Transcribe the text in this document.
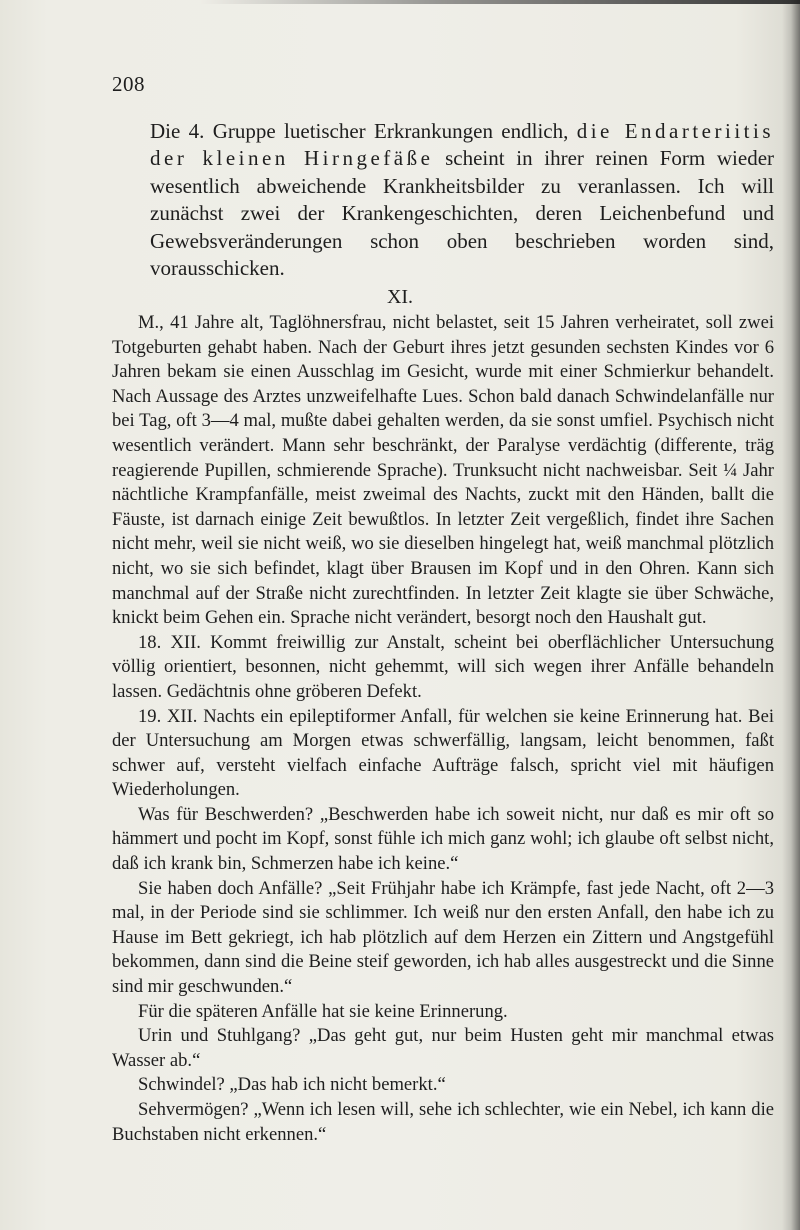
208

Die 4. Gruppe luetischer Erkrankungen endlich, die Endarteriitis der kleinen Hirngefäße scheint in ihrer reinen Form wieder wesentlich abweichende Krankheitsbilder zu veranlassen. Ich will zunächst zwei der Krankengeschichten, deren Leichenbefund und Gewebsveränderungen schon oben beschrieben worden sind, vorausschicken.

XI.

M., 41 Jahre alt, Taglöhnersfrau, nicht belastet, seit 15 Jahren verheiratet, soll zwei Totgeburten gehabt haben. Nach der Geburt ihres jetzt gesunden sechsten Kindes vor 6 Jahren bekam sie einen Ausschlag im Gesicht, wurde mit einer Schmierkur behandelt. Nach Aussage des Arztes unzweifelhafte Lues. Schon bald danach Schwindelanfälle nur bei Tag, oft 3—4 mal, mußte dabei gehalten werden, da sie sonst umfiel. Psychisch nicht wesentlich verändert. Mann sehr beschränkt, der Paralyse verdächtig (differente, träg reagierende Pupillen, schmierende Sprache). Trunksucht nicht nachweisbar. Seit ¼ Jahr nächtliche Krampfanfälle, meist zweimal des Nachts, zuckt mit den Händen, ballt die Fäuste, ist darnach einige Zeit bewußtlos. In letzter Zeit vergeßlich, findet ihre Sachen nicht mehr, weil sie nicht weiß, wo sie dieselben hingelegt hat, weiß manchmal plötzlich nicht, wo sie sich befindet, klagt über Brausen im Kopf und in den Ohren. Kann sich manchmal auf der Straße nicht zurechtfinden. In letzter Zeit klagte sie über Schwäche, knickt beim Gehen ein. Sprache nicht verändert, besorgt noch den Haushalt gut.

18. XII. Kommt freiwillig zur Anstalt, scheint bei oberflächlicher Untersuchung völlig orientiert, besonnen, nicht gehemmt, will sich wegen ihrer Anfälle behandeln lassen. Gedächtnis ohne gröberen Defekt.

19. XII. Nachts ein epileptiformer Anfall, für welchen sie keine Erinnerung hat. Bei der Untersuchung am Morgen etwas schwerfällig, langsam, leicht benommen, faßt schwer auf, versteht vielfach einfache Aufträge falsch, spricht viel mit häufigen Wiederholungen.

Was für Beschwerden? „Beschwerden habe ich soweit nicht, nur daß es mir oft so hämmert und pocht im Kopf, sonst fühle ich mich ganz wohl; ich glaube oft selbst nicht, daß ich krank bin, Schmerzen habe ich keine.“

Sie haben doch Anfälle? „Seit Frühjahr habe ich Krämpfe, fast jede Nacht, oft 2—3 mal, in der Periode sind sie schlimmer. Ich weiß nur den ersten Anfall, den habe ich zu Hause im Bett gekriegt, ich hab plötzlich auf dem Herzen ein Zittern und Angstgefühl bekommen, dann sind die Beine steif geworden, ich hab alles ausgestreckt und die Sinne sind mir geschwunden.“

Für die späteren Anfälle hat sie keine Erinnerung.

Urin und Stuhlgang? „Das geht gut, nur beim Husten geht mir manchmal etwas Wasser ab.“

Schwindel? „Das hab ich nicht bemerkt.“

Sehvermögen? „Wenn ich lesen will, sehe ich schlechter, wie ein Nebel, ich kann die Buchstaben nicht erkennen.“
